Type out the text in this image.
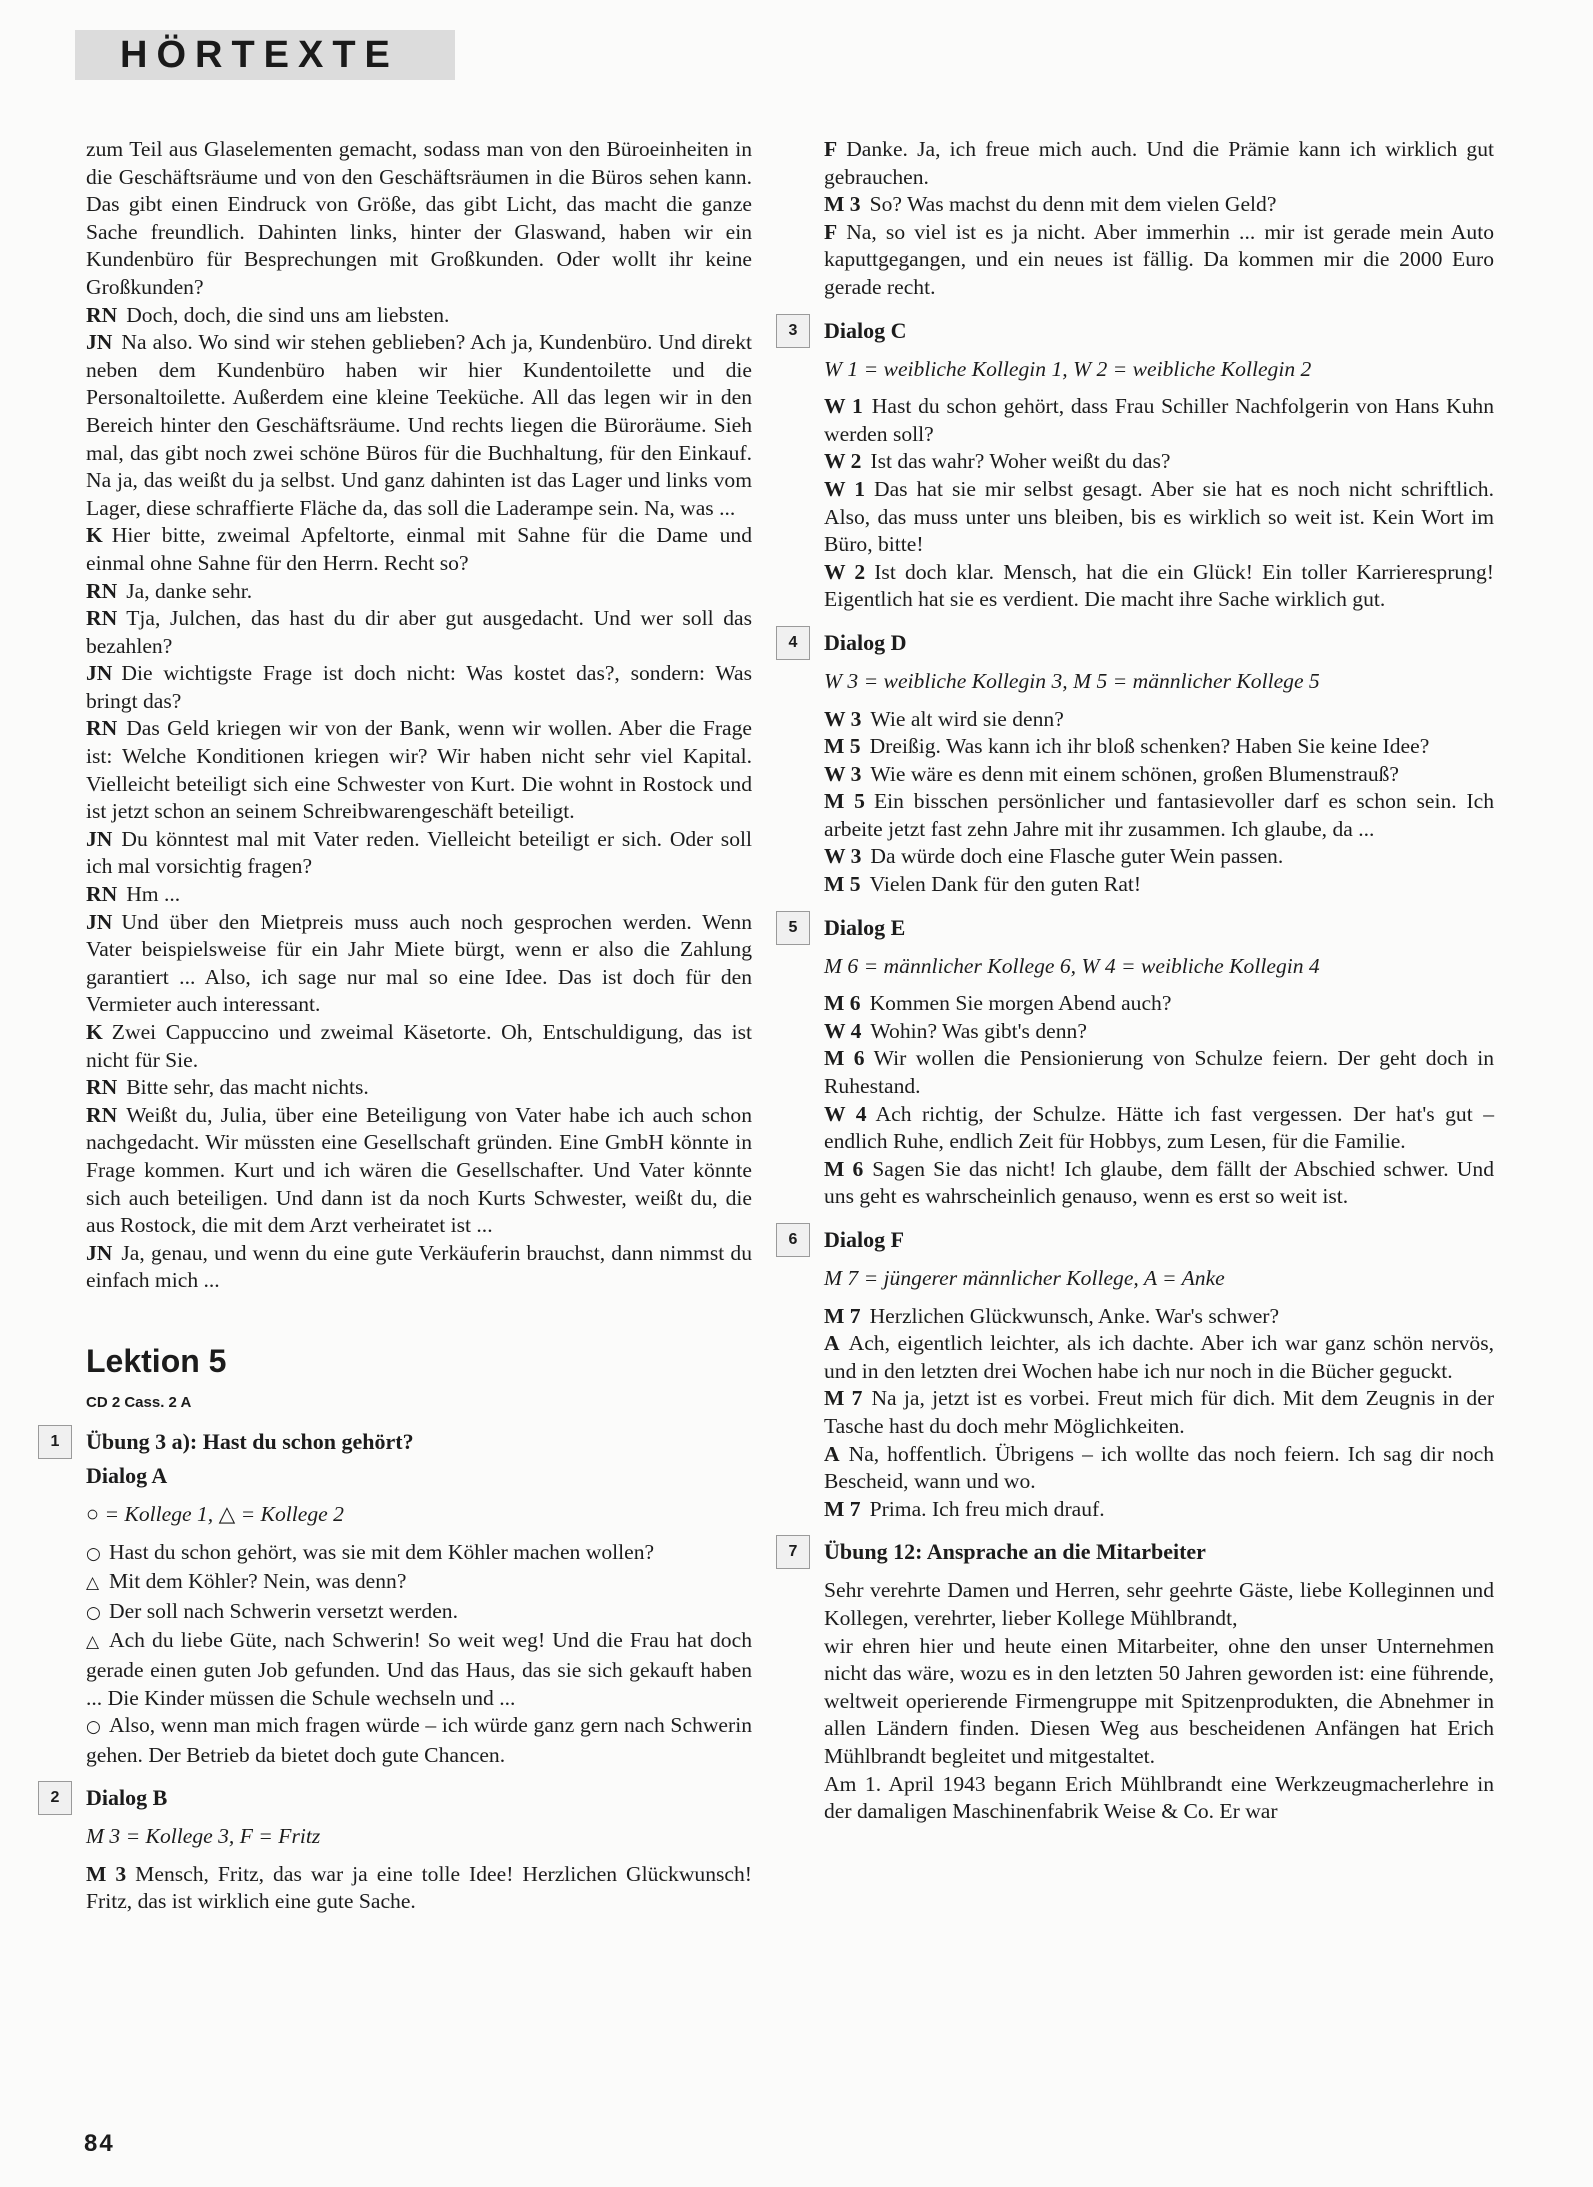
HÖRTEXTE
zum Teil aus Glaselementen gemacht, sodass man von den Büroeinheiten in die Geschäftsräume und von den Geschäftsräumen in die Büros sehen kann. Das gibt einen Eindruck von Größe, das gibt Licht, das macht die ganze Sache freundlich. Dahinten links, hinter der Glaswand, haben wir ein Kundenbüro für Besprechungen mit Großkunden. Oder wollt ihr keine Großkunden?
RN Doch, doch, die sind uns am liebsten.
JN Na also. Wo sind wir stehen geblieben? Ach ja, Kundenbüro. Und direkt neben dem Kundenbüro haben wir hier Kundentoilette und die Personaltoilette. Außerdem eine kleine Teeküche. All das legen wir in den Bereich hinter den Geschäftsräume. Und rechts liegen die Büroräume. Sieh mal, das gibt noch zwei schöne Büros für die Buchhaltung, für den Einkauf. Na ja, das weißt du ja selbst. Und ganz dahinten ist das Lager und links vom Lager, diese schraffierte Fläche da, das soll die Laderampe sein. Na, was ...
K Hier bitte, zweimal Apfeltorte, einmal mit Sahne für die Dame und einmal ohne Sahne für den Herrn. Recht so?
RN Ja, danke sehr.
RN Tja, Julchen, das hast du dir aber gut ausgedacht. Und wer soll das bezahlen?
JN Die wichtigste Frage ist doch nicht: Was kostet das?, sondern: Was bringt das?
RN Das Geld kriegen wir von der Bank, wenn wir wollen. Aber die Frage ist: Welche Konditionen kriegen wir? Wir haben nicht sehr viel Kapital. Vielleicht beteiligt sich eine Schwester von Kurt. Die wohnt in Rostock und ist jetzt schon an seinem Schreibwarengeschäft beteiligt.
JN Du könntest mal mit Vater reden. Vielleicht beteiligt er sich. Oder soll ich mal vorsichtig fragen?
RN Hm ...
JN Und über den Mietpreis muss auch noch gesprochen werden. Wenn Vater beispielsweise für ein Jahr Miete bürgt, wenn er also die Zahlung garantiert ... Also, ich sage nur mal so eine Idee. Das ist doch für den Vermieter auch interessant.
K Zwei Cappuccino und zweimal Käsetorte. Oh, Entschuldigung, das ist nicht für Sie.
RN Bitte sehr, das macht nichts.
RN Weißt du, Julia, über eine Beteiligung von Vater habe ich auch schon nachgedacht. Wir müssten eine Gesellschaft gründen. Eine GmbH könnte in Frage kommen. Kurt und ich wären die Gesellschafter. Und Vater könnte sich auch beteiligen. Und dann ist da noch Kurts Schwester, weißt du, die aus Rostock, die mit dem Arzt verheiratet ist ...
JN Ja, genau, und wenn du eine gute Verkäuferin brauchst, dann nimmst du einfach mich ...
Lektion 5
CD 2 Cass. 2 A
1	Übung 3 a): Hast du schon gehört?
Dialog A
○ = Kollege 1, △ = Kollege 2
○ Hast du schon gehört, was sie mit dem Köhler machen wollen?
△ Mit dem Köhler? Nein, was denn?
○ Der soll nach Schwerin versetzt werden.
△ Ach du liebe Güte, nach Schwerin! So weit weg! Und die Frau hat doch gerade einen guten Job gefunden. Und das Haus, das sie sich gekauft haben ... Die Kinder müssen die Schule wechseln und ...
○ Also, wenn man mich fragen würde – ich würde ganz gern nach Schwerin gehen. Der Betrieb da bietet doch gute Chancen.
2	Dialog B
M 3 = Kollege 3, F = Fritz
M 3 Mensch, Fritz, das war ja eine tolle Idee! Herzlichen Glückwunsch! Fritz, das ist wirklich eine gute Sache.
F Danke. Ja, ich freue mich auch. Und die Prämie kann ich wirklich gut gebrauchen.
M 3 So? Was machst du denn mit dem vielen Geld?
F Na, so viel ist es ja nicht. Aber immerhin ... mir ist gerade mein Auto kaputtgegangen, und ein neues ist fällig. Da kommen mir die 2000 Euro gerade recht.
3	Dialog C
W 1 = weibliche Kollegin 1, W 2 = weibliche Kollegin 2
W 1 Hast du schon gehört, dass Frau Schiller Nachfolgerin von Hans Kuhn werden soll?
W 2 Ist das wahr? Woher weißt du das?
W 1 Das hat sie mir selbst gesagt. Aber sie hat es noch nicht schriftlich. Also, das muss unter uns bleiben, bis es wirklich so weit ist. Kein Wort im Büro, bitte!
W 2 Ist doch klar. Mensch, hat die ein Glück! Ein toller Karrieresprung! Eigentlich hat sie es verdient. Die macht ihre Sache wirklich gut.
4	Dialog D
W 3 = weibliche Kollegin 3, M 5 = männlicher Kollege 5
W 3 Wie alt wird sie denn?
M 5 Dreißig. Was kann ich ihr bloß schenken? Haben Sie keine Idee?
W 3 Wie wäre es denn mit einem schönen, großen Blumenstrauß?
M 5 Ein bisschen persönlicher und fantasievoller darf es schon sein. Ich arbeite jetzt fast zehn Jahre mit ihr zusammen. Ich glaube, da ...
W 3 Da würde doch eine Flasche guter Wein passen.
M 5 Vielen Dank für den guten Rat!
5	Dialog E
M 6 = männlicher Kollege 6, W 4 = weibliche Kollegin 4
M 6 Kommen Sie morgen Abend auch?
W 4 Wohin? Was gibt's denn?
M 6 Wir wollen die Pensionierung von Schulze feiern. Der geht doch in Ruhestand.
W 4 Ach richtig, der Schulze. Hätte ich fast vergessen. Der hat's gut – endlich Ruhe, endlich Zeit für Hobbys, zum Lesen, für die Familie.
M 6 Sagen Sie das nicht! Ich glaube, dem fällt der Abschied schwer. Und uns geht es wahrscheinlich genauso, wenn es erst so weit ist.
6	Dialog F
M 7 = jüngerer männlicher Kollege, A = Anke
M 7 Herzlichen Glückwunsch, Anke. War's schwer?
A Ach, eigentlich leichter, als ich dachte. Aber ich war ganz schön nervös, und in den letzten drei Wochen habe ich nur noch in die Bücher geguckt.
M 7 Na ja, jetzt ist es vorbei. Freut mich für dich. Mit dem Zeugnis in der Tasche hast du doch mehr Möglichkeiten.
A Na, hoffentlich. Übrigens – ich wollte das noch feiern. Ich sag dir noch Bescheid, wann und wo.
M 7 Prima. Ich freu mich drauf.
7	Übung 12: Ansprache an die Mitarbeiter
Sehr verehrte Damen und Herren, sehr geehrte Gäste, liebe Kolleginnen und Kollegen, verehrter, lieber Kollege Mühlbrandt,
wir ehren hier und heute einen Mitarbeiter, ohne den unser Unternehmen nicht das wäre, wozu es in den letzten 50 Jahren geworden ist: eine führende, weltweit operierende Firmengruppe mit Spitzenprodukten, die Abnehmer in allen Ländern finden. Diesen Weg aus bescheidenen Anfängen hat Erich Mühlbrandt begleitet und mitgestaltet.
Am 1. April 1943 begann Erich Mühlbrandt eine Werkzeugmacherlehre in der damaligen Maschinenfabrik Weise & Co. Er war
84
